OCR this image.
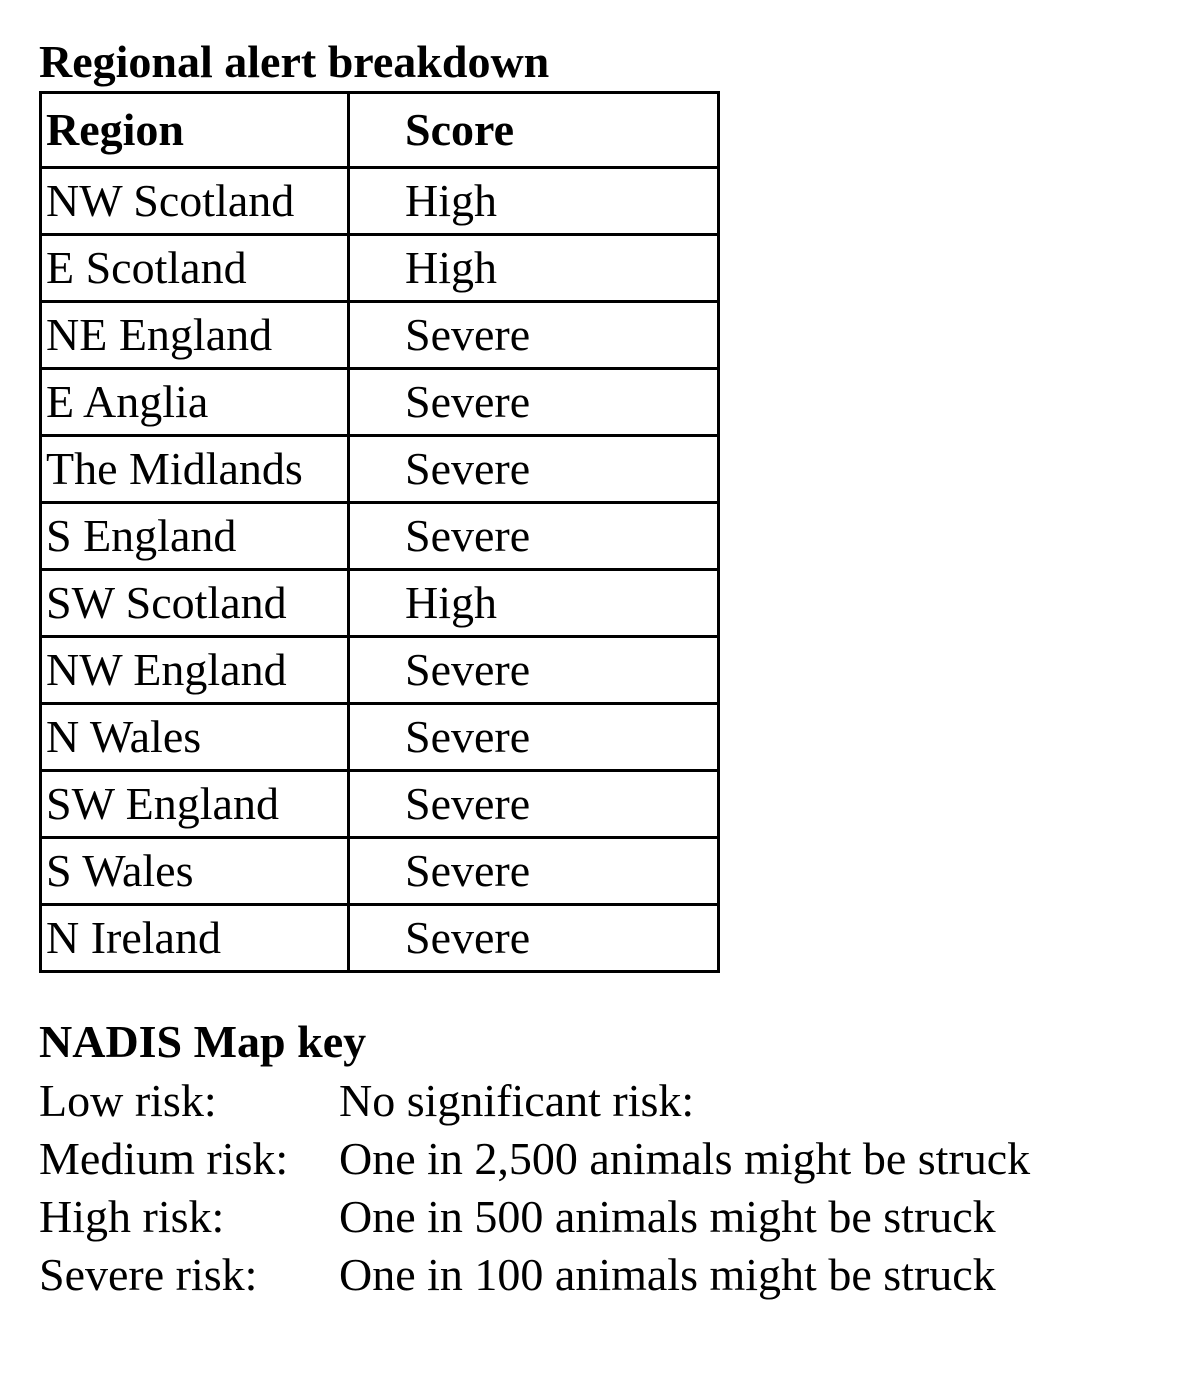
Regional alert breakdown
Region	Score
NW Scotland	High
E Scotland	High
NE England	Severe
E Anglia	Severe
The Midlands	Severe
S England	Severe
SW Scotland	High
NW England	Severe
N Wales	Severe
SW England	Severe
S Wales	Severe
N Ireland	Severe
NADIS Map key
Low risk:	No significant risk:
Medium risk:	One in 2,500 animals might be struck
High risk:	One in 500 animals might be struck
Severe risk:	One in 100 animals might be struck
